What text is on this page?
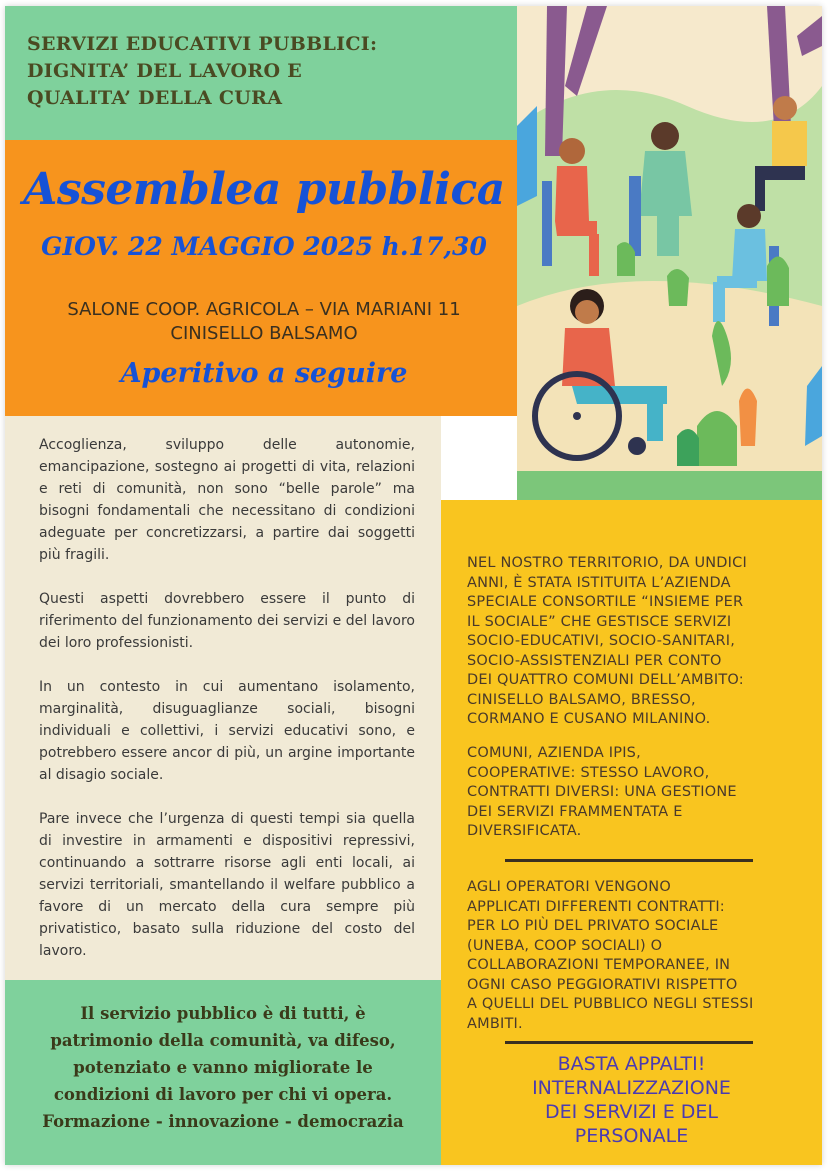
SERVIZI EDUCATIVI PUBBLICI:
DIGNITA’ DEL LAVORO E
QUALITA’ DELLA CURA
Assemblea pubblica
GIOV. 22 MAGGIO 2025 h.17,30
SALONE COOP. AGRICOLA – VIA MARIANI 11
CINISELLO BALSAMO
Aperitivo a seguire

Accoglienza, sviluppo delle autonomie, emancipazione, sostegno ai progetti di vita, relazioni e reti di comunità, non sono “belle parole” ma bisogni fondamentali che necessitano di condizioni adeguate per concretizzarsi, a partire dai soggetti più fragili.

Questi aspetti dovrebbero essere il punto di riferimento del funzionamento dei servizi e del lavoro dei loro professionisti.

In un contesto in cui aumentano isolamento, marginalità, disuguaglianze sociali, bisogni individuali e collettivi, i servizi educativi sono, e potrebbero essere ancor di più, un argine importante al disagio sociale.

Pare invece che l’urgenza di questi tempi sia quella di investire in armamenti e dispositivi repressivi, continuando a sottrarre risorse agli enti locali, ai servizi territoriali, smantellando il welfare pubblico a favore di un mercato della cura sempre più privatistico, basato sulla riduzione del costo del lavoro.

Il servizio pubblico è di tutti, è
patrimonio della comunità, va difeso,
potenziato e vanno migliorate le
condizioni di lavoro per chi vi opera.
Formazione - innovazione - democrazia
NEL NOSTRO TERRITORIO, DA UNDICI
ANNI, È STATA ISTITUITA L’AZIENDA
SPECIALE CONSORTILE “INSIEME PER
IL SOCIALE” CHE GESTISCE SERVIZI
SOCIO-EDUCATIVI, SOCIO-SANITARI,
SOCIO-ASSISTENZIALI PER CONTO
DEI QUATTRO COMUNI DELL’AMBITO:
CINISELLO BALSAMO, BRESSO,
CORMANO E CUSANO MILANINO.
COMUNI, AZIENDA IPIS,
COOPERATIVE: STESSO LAVORO,
CONTRATTI DIVERSI: UNA GESTIONE
DEI SERVIZI FRAMMENTATA E
DIVERSIFICATA.
AGLI OPERATORI VENGONO
APPLICATI DIFFERENTI CONTRATTI:
PER LO PIÙ DEL PRIVATO SOCIALE
(UNEBA, COOP SOCIALI) O
COLLABORAZIONI TEMPORANEE, IN
OGNI CASO PEGGIORATIVI RISPETTO
A QUELLI DEL PUBBLICO NEGLI STESSI
AMBITI.
BASTA APPALTI!
INTERNALIZZAZIONE
DEI SERVIZI E DEL
PERSONALE
